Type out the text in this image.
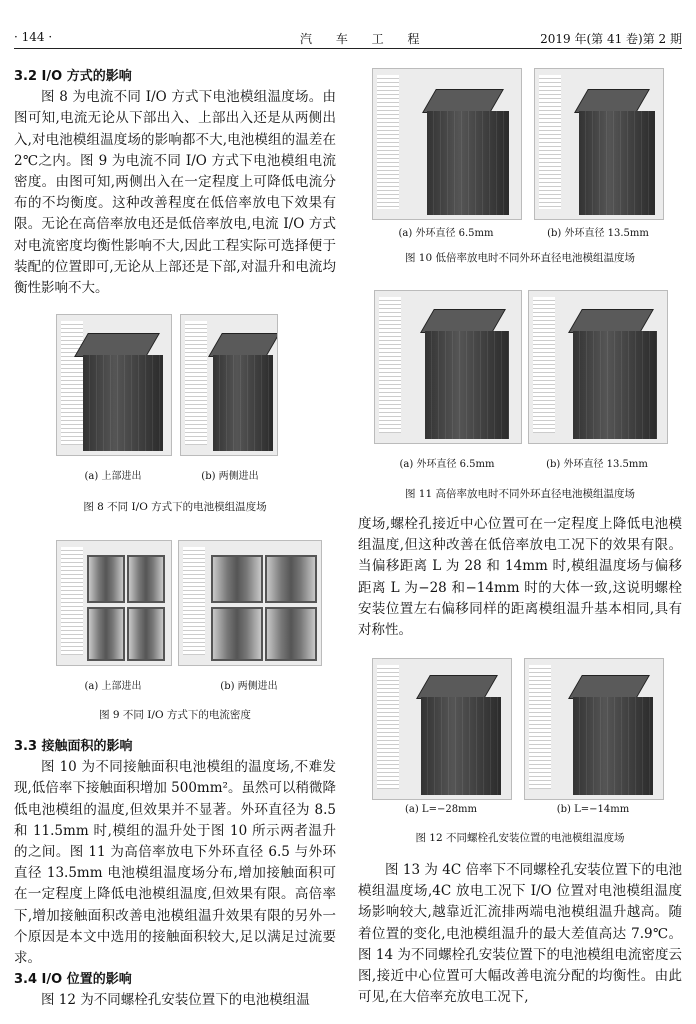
· 144 ·	汽 车 工 程	2019 年(第 41 卷)第 2 期
3.2 I/O 方式的影响

图 8 为电流不同 I/O 方式下电池模组温度场。由图可知,电流无论从下部出入、上部出入还是从两侧出入,对电池模组温度场的影响都不大,电池模组的温差在 2℃之内。图 9 为电流不同 I/O 方式下电池模组电流密度。由图可知,两侧出入在一定程度上可降低电流分布的不均衡度。这种改善程度在低倍率放电下效果有限。无论在高倍率放电还是低倍率放电,电流 I/O 方式对电流密度均衡性影响不大,因此工程实际可选择便于装配的位置即可,无论从上部还是下部,对温升和电流均衡性影响不大。

(a) 上部进出	(b) 两侧进出
图 8 不同 I/O 方式下的电池模组温度场
(a) 上部进出	(b) 两侧进出
图 9 不同 I/O 方式下的电流密度
3.3 接触面积的影响

图 10 为不同接触面积电池模组的温度场,不难发现,低倍率下接触面积增加 500mm²。虽然可以稍微降低电池模组的温度,但效果并不显著。外环直径为 8.5 和 11.5mm 时,模组的温升处于图 10 所示两者温升的之间。图 11 为高倍率放电下外环直径 6.5 与外环直径 13.5mm 电池模组温度场分布,增加接触面积可在一定程度上降低电池模组温度,但效果有限。高倍率下,增加接触面积改善电池模组温升效果有限的另外一个原因是本文中选用的接触面积较大,足以满足过流要求。

3.4 I/O 位置的影响

图 12 为不同螺栓孔安装位置下的电池模组温

(a) 外环直径 6.5mm	(b) 外环直径 13.5mm
图 10 低倍率放电时不同外环直径电池模组温度场
(a) 外环直径 6.5mm	(b) 外环直径 13.5mm
图 11 高倍率放电时不同外环直径电池模组温度场

度场,螺栓孔接近中心位置可在一定程度上降低电池模组温度,但这种改善在低倍率放电工况下的效果有限。当偏移距离 L 为 28 和 14mm 时,模组温度场与偏移距离 L 为−28 和−14mm 时的大体一致,这说明螺栓安装位置左右偏移同样的距离模组温升基本相同,具有对称性。

(a) L=−28mm	(b) L=−14mm
图 12 不同螺栓孔安装位置的电池模组温度场

图 13 为 4C 倍率下不同螺栓孔安装位置下的电池模组温度场,4C 放电工况下 I/O 位置对电池模组温度场影响较大,越靠近汇流排两端电池模组温升越高。随着位置的变化,电池模组温升的最大差值高达 7.9℃。图 14 为不同螺栓孔安装位置下的电池模组电流密度云图,接近中心位置可大幅改善电流分配的均衡性。由此可见,在大倍率充放电工况下,
